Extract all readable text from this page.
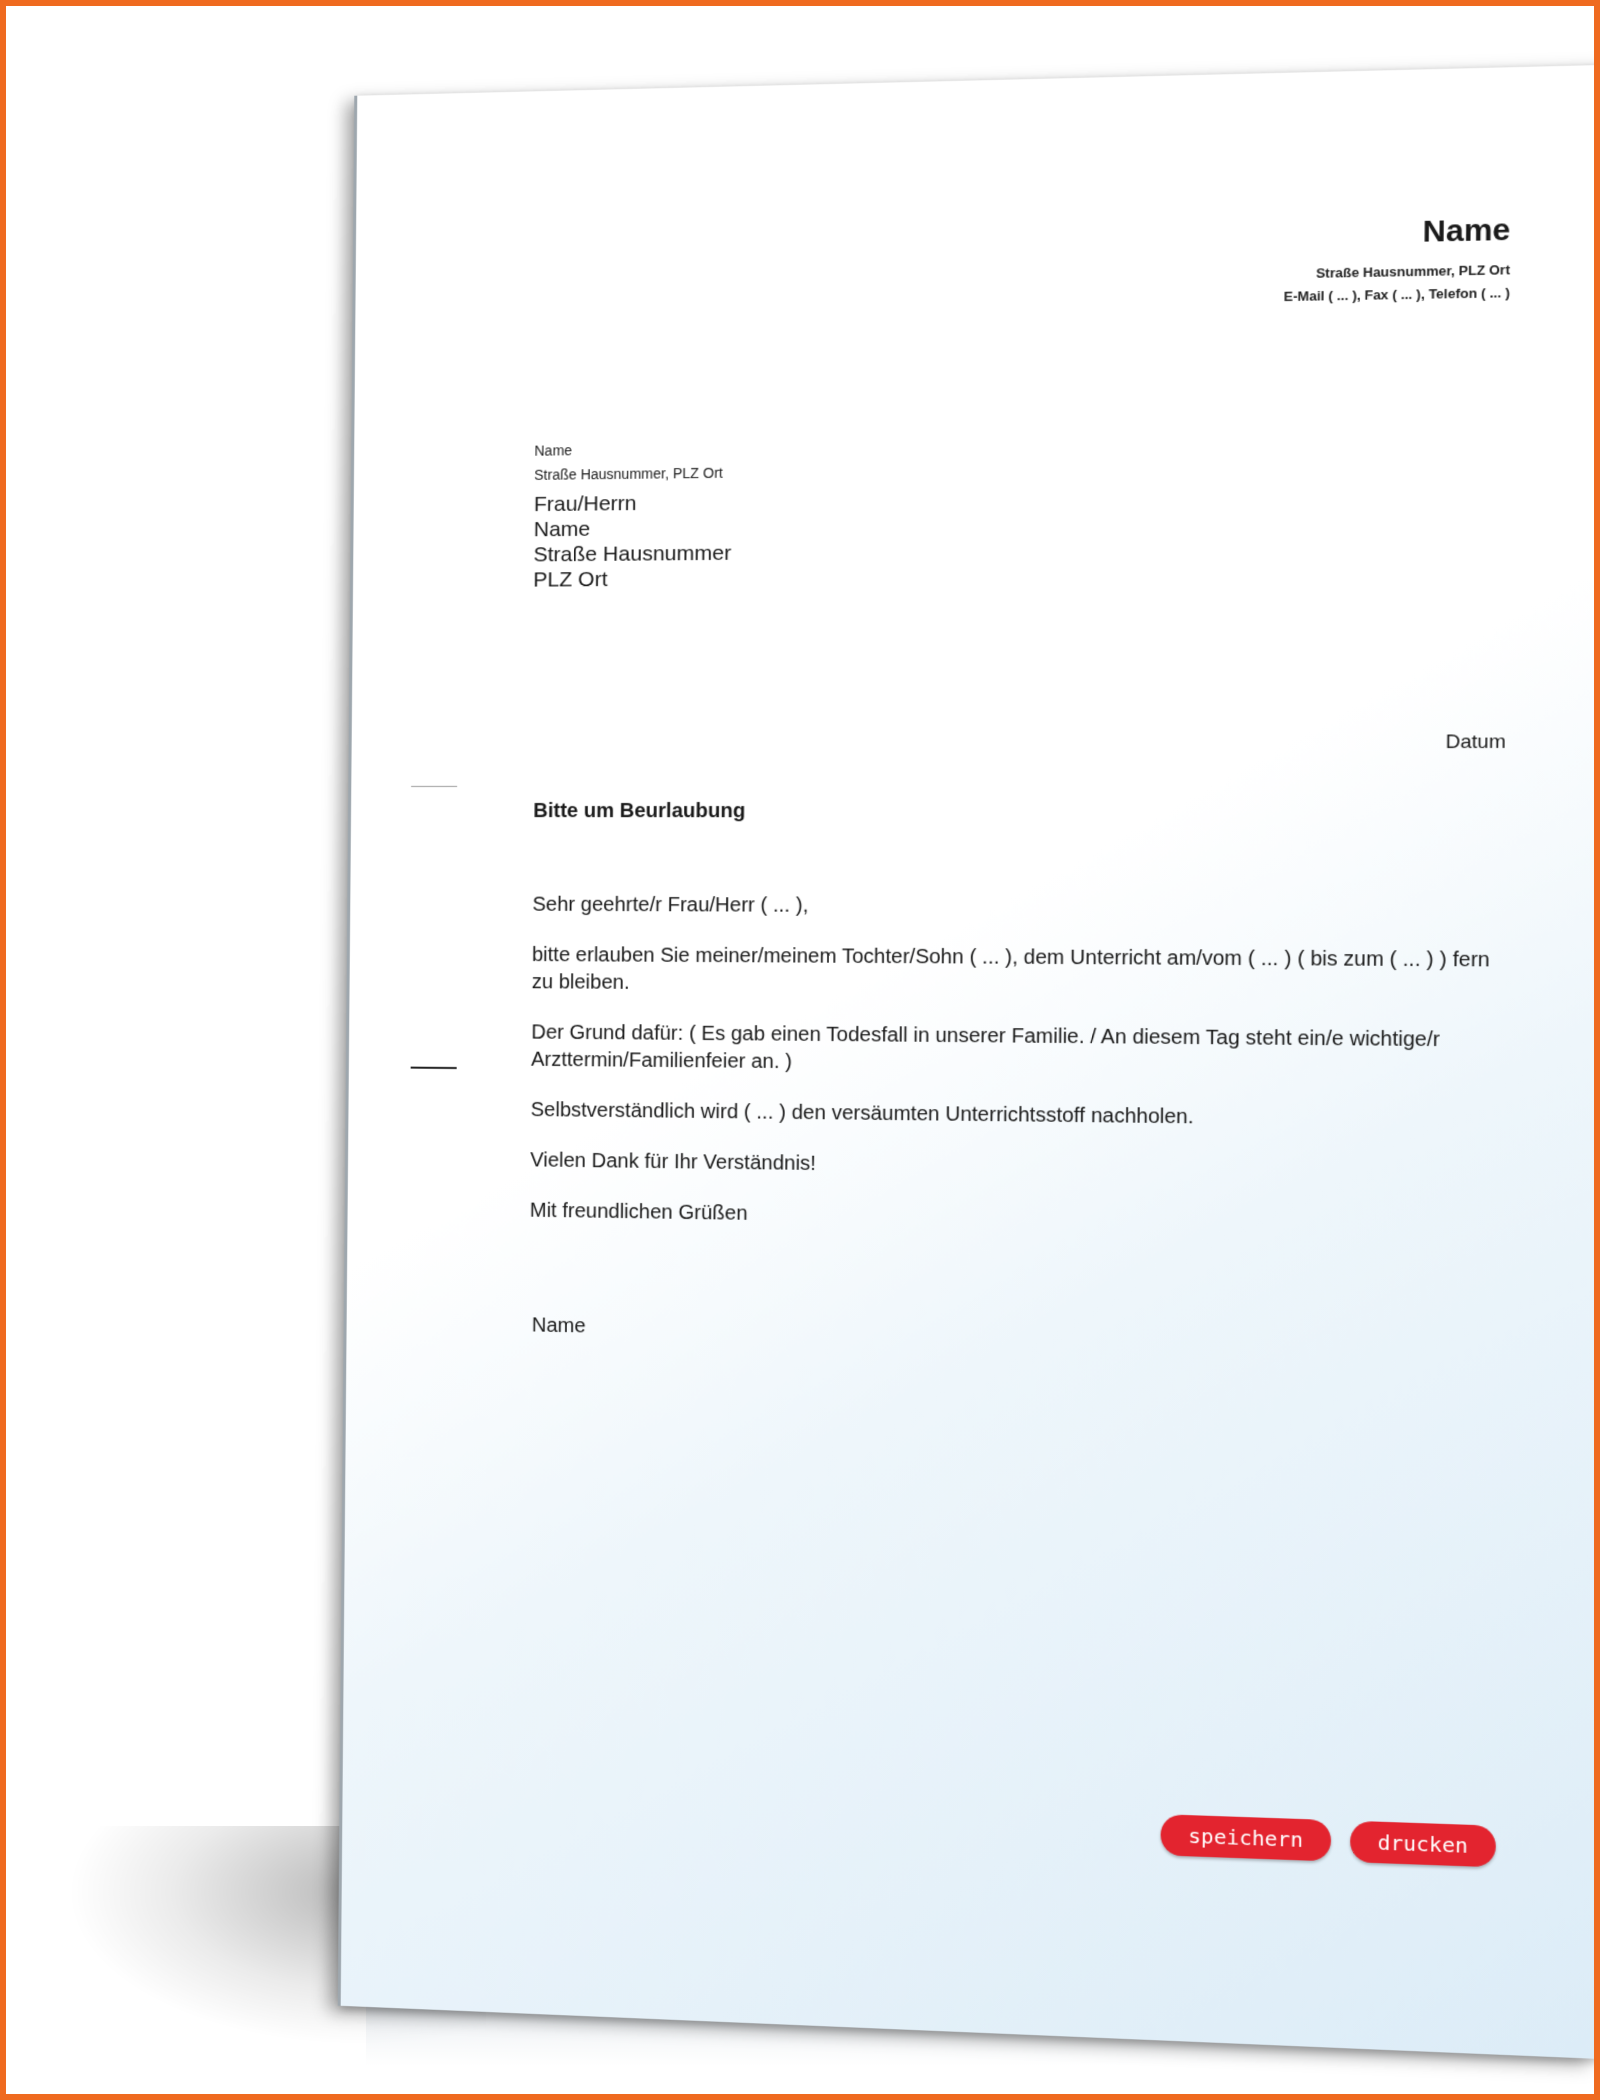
Name
Straße Hausnummer, PLZ Ort
E-Mail ( ... ), Fax ( ... ), Telefon ( ... )
Name
Straße Hausnummer, PLZ Ort
Frau/Herrn
Name
Straße Hausnummer
PLZ Ort
Datum
Bitte um Beurlaubung

Sehr geehrte/r Frau/Herr ( ... ),

bitte erlauben Sie meiner/meinem Tochter/Sohn ( ... ), dem Unterricht am/vom ( ... ) ( bis zum ( ... ) ) fern zu bleiben.

Der Grund dafür: ( Es gab einen Todesfall in unserer Familie. / An diesem Tag steht ein/e wichtige/r Arzttermin/Familienfeier an. )

Selbstverständlich wird ( ... ) den versäumten Unterrichtsstoff nachholen.

Vielen Dank für Ihr Verständnis!

Mit freundlichen Grüßen

Name
speichern	drucken
